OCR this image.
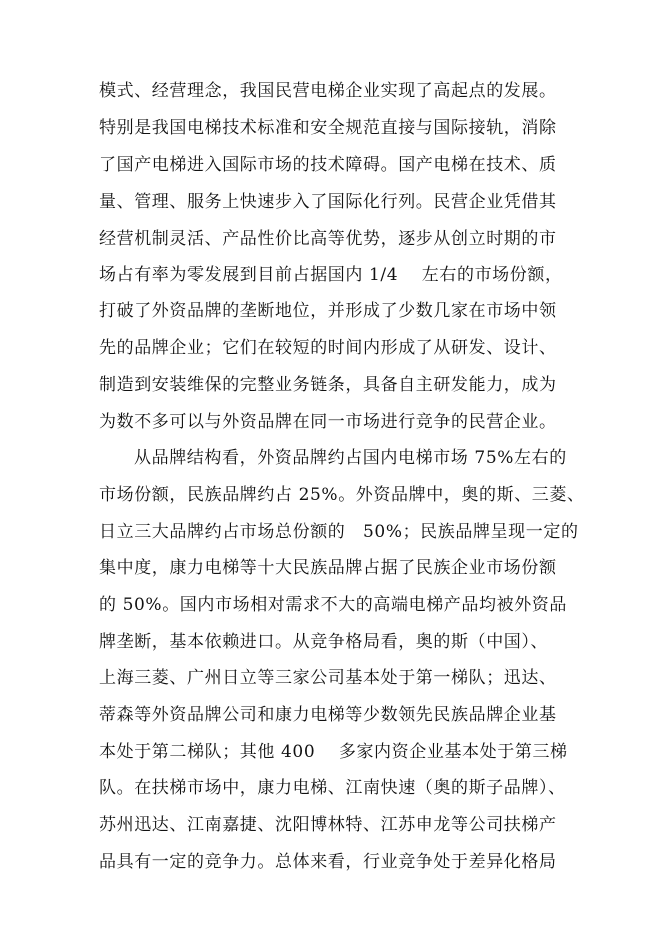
模式、经营理念，我国民营电梯企业实现了高起点的发展。
特别是我国电梯技术标准和安全规范直接与国际接轨，消除
了国产电梯进入国际市场的技术障碍。国产电梯在技术、质
量、管理、服务上快速步入了国际化行列。民营企业凭借其
经营机制灵活、产品性价比高等优势，逐步从创立时期的市
场占有率为零发展到目前占据国内 1/4　 左右的市场份额，
打破了外资品牌的垄断地位，并形成了少数几家在市场中领
先的品牌企业；它们在较短的时间内形成了从研发、设计、
制造到安装维保的完整业务链条，具备自主研发能力，成为
为数不多可以与外资品牌在同一市场进行竞争的民营企业。
从品牌结构看，外资品牌约占国内电梯市场 75%左右的
市场份额，民族品牌约占 25%。外资品牌中，奥的斯、三菱、
日立三大品牌约占市场总份额的　50%；民族品牌呈现一定的
集中度，康力电梯等十大民族品牌占据了民族企业市场份额
的 50%。国内市场相对需求不大的高端电梯产品均被外资品
牌垄断，基本依赖进口。从竞争格局看，奥的斯（中国）、
上海三菱、广州日立等三家公司基本处于第一梯队；迅达、
蒂森等外资品牌公司和康力电梯等少数领先民族品牌企业基
本处于第二梯队；其他 400　 多家内资企业基本处于第三梯
队。在扶梯市场中，康力电梯、江南快速（奥的斯子品牌）、
苏州迅达、江南嘉捷、沈阳博林特、江苏申龙等公司扶梯产
品具有一定的竞争力。总体来看，行业竞争处于差异化格局
